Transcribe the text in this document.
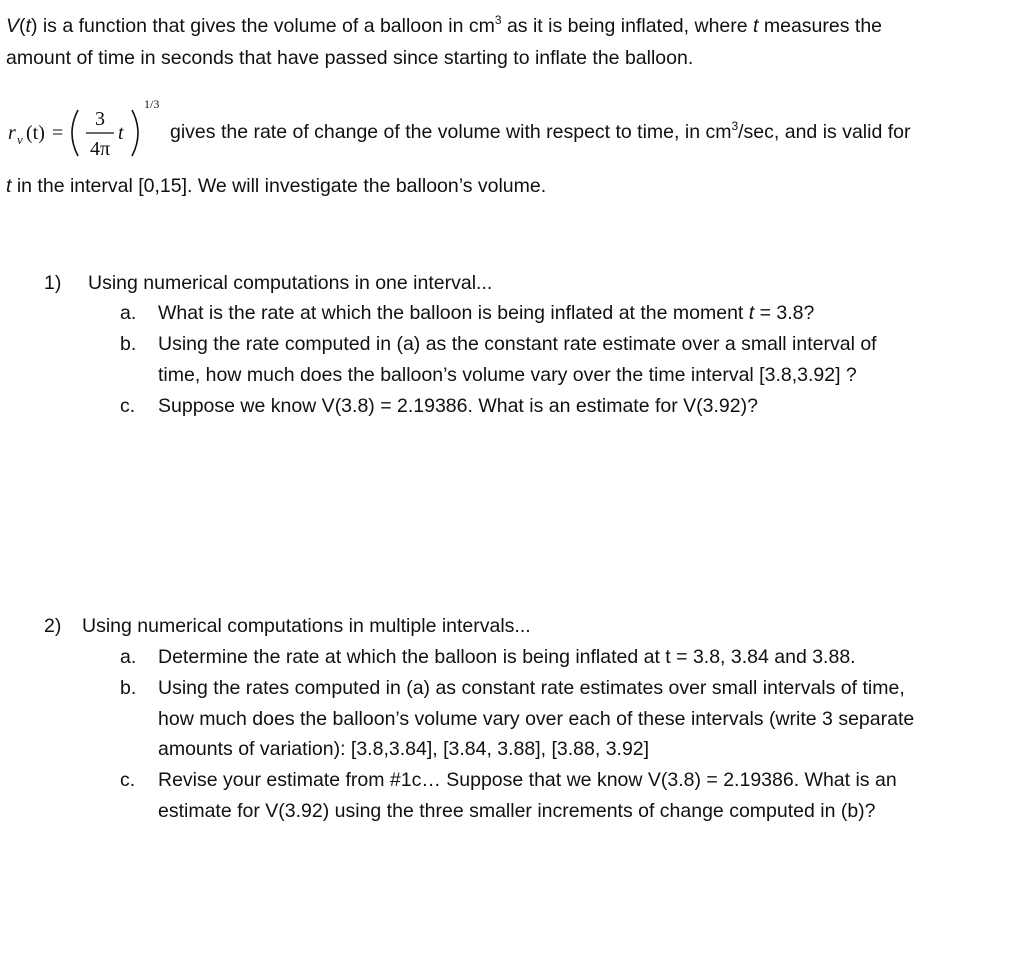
V(t) is a function that gives the volume of a balloon in $cm^3$ as it is being inflated, where t measures the
amount of time in seconds that have passed since starting to inflate the balloon.
r v (t) =
3
4π
t
1/3
gives the rate of change of the volume with respect to time, in $cm^3/\sec$, and is valid for
t in the interval [0,15]. We will investigate the balloon’s volume.
1) Using numerical computations in one interval...
a. What is the rate at which the balloon is being inflated at the moment t = 3.8?
b. Using the rate computed in (a) as the constant rate estimate over a small interval of
time, how much does the balloon’s volume vary over the time interval [3.8,3.92] ?
c. Suppose we know V(3.8) = 2.19386. What is an estimate for V(3.92)?
2) Using numerical computations in multiple intervals...
a. Determine the rate at which the balloon is being inflated at t = 3.8, 3.84 and 3.88.
b. Using the rates computed in (a) as constant rate estimates over small intervals of time,
how much does the balloon’s volume vary over each of these intervals (write 3 separate
amounts of variation): [3.8,3.84], [3.84, 3.88], [3.88, 3.92]
c. Revise your estimate from #1c… Suppose that we know V(3.8) = 2.19386. What is an
estimate for V(3.92) using the three smaller increments of change computed in (b)?
